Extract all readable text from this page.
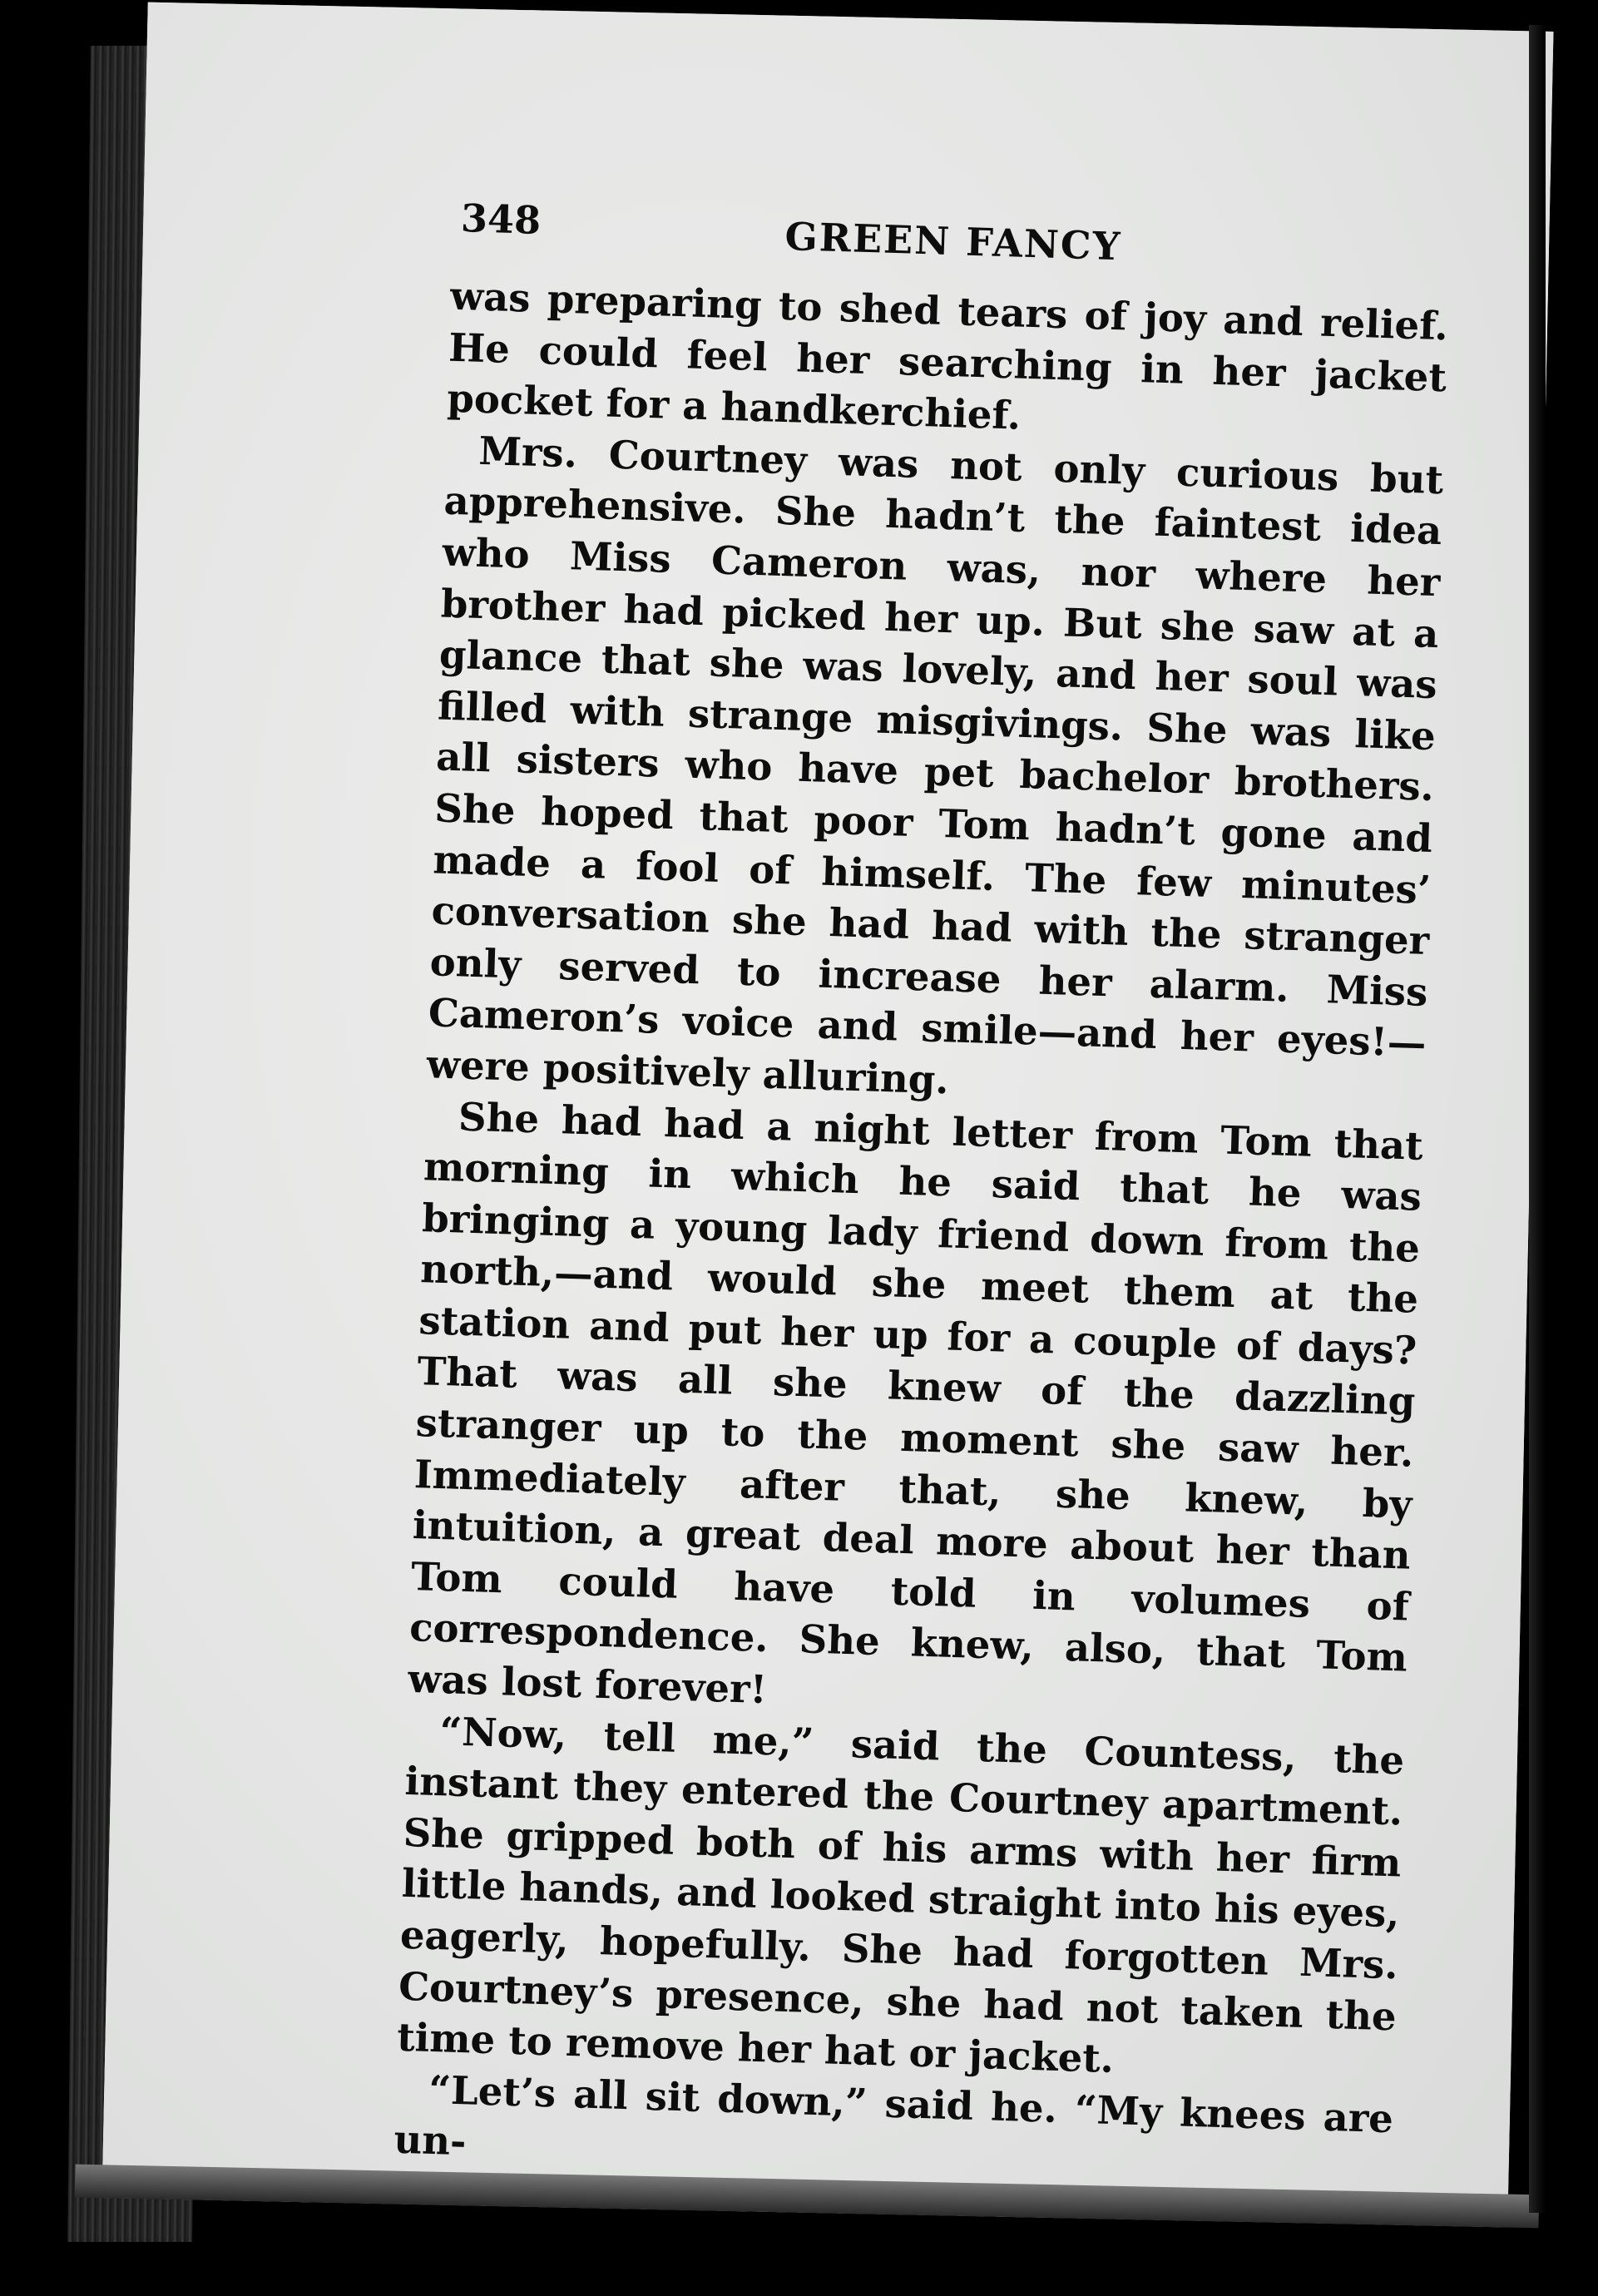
348	GREEN FANCY

was preparing to shed tears of joy and relief. He could feel her searching in her jacket pocket for a handkerchief.

Mrs. Courtney was not only curious but apprehensive. She hadn’t the faintest idea who Miss Cameron was, nor where her brother had picked her up. But she saw at a glance that she was lovely, and her soul was filled with strange misgivings. She was like all sisters who have pet bachelor brothers. She hoped that poor Tom hadn’t gone and made a fool of himself. The few minutes’ conversation she had had with the stranger only served to increase her alarm. Miss Cameron’s voice and smile—and her eyes!—were positively alluring.

She had had a night letter from Tom that morning in which he said that he was bringing a young lady friend down from the north,—and would she meet them at the station and put her up for a couple of days? That was all she knew of the dazzling stranger up to the moment she saw her. Immediately after that, she knew, by intuition, a great deal more about her than Tom could have told in volumes of correspondence. She knew, also, that Tom was lost forever!

“Now, tell me,” said the Countess, the instant they entered the Courtney apartment. She gripped both of his arms with her firm little hands, and looked straight into his eyes, eagerly, hopefully. She had forgotten Mrs. Courtney’s presence, she had not taken the time to remove her hat or jacket.

“Let’s all sit down,” said he. “My knees are un-
